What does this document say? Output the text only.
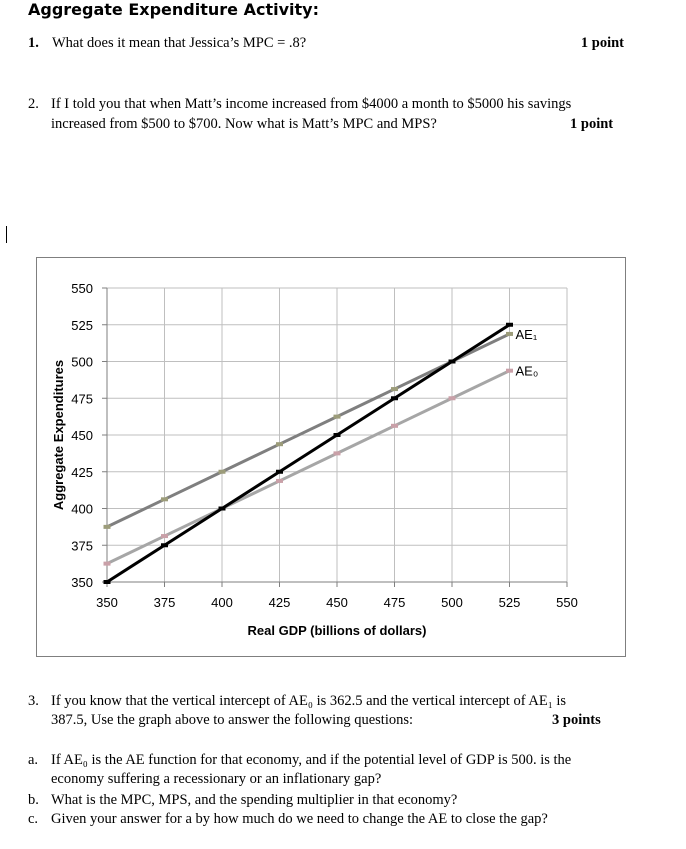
Aggregate Expenditure Activity:
1. What does it mean that Jessica’s MPC = .8?	1 point
2. If I told you that when Matt’s income increased from $4000 a month to $5000 his savings
increased from $500 to $700. Now what is Matt’s MPC and MPS?	1 point
350	375	400	425	450	475	500	525	550
550
525
500
475
450
425
400
375
350
AE₀
AE₁
Real GDP (billions of dollars)
Aggregate Expenditures
3. If you know that the vertical intercept of AE₀ is 362.5 and the vertical intercept of AE₁ is
387.5, Use the graph above to answer the following questions:	3 points
a. If AE₀ is the AE function for that economy, and if the potential level of GDP is 500. is the
economy suffering a recessionary or an inflationary gap?
b. What is the MPC, MPS, and the spending multiplier in that economy?
c. Given your answer for a by how much do we need to change the AE to close the gap?
